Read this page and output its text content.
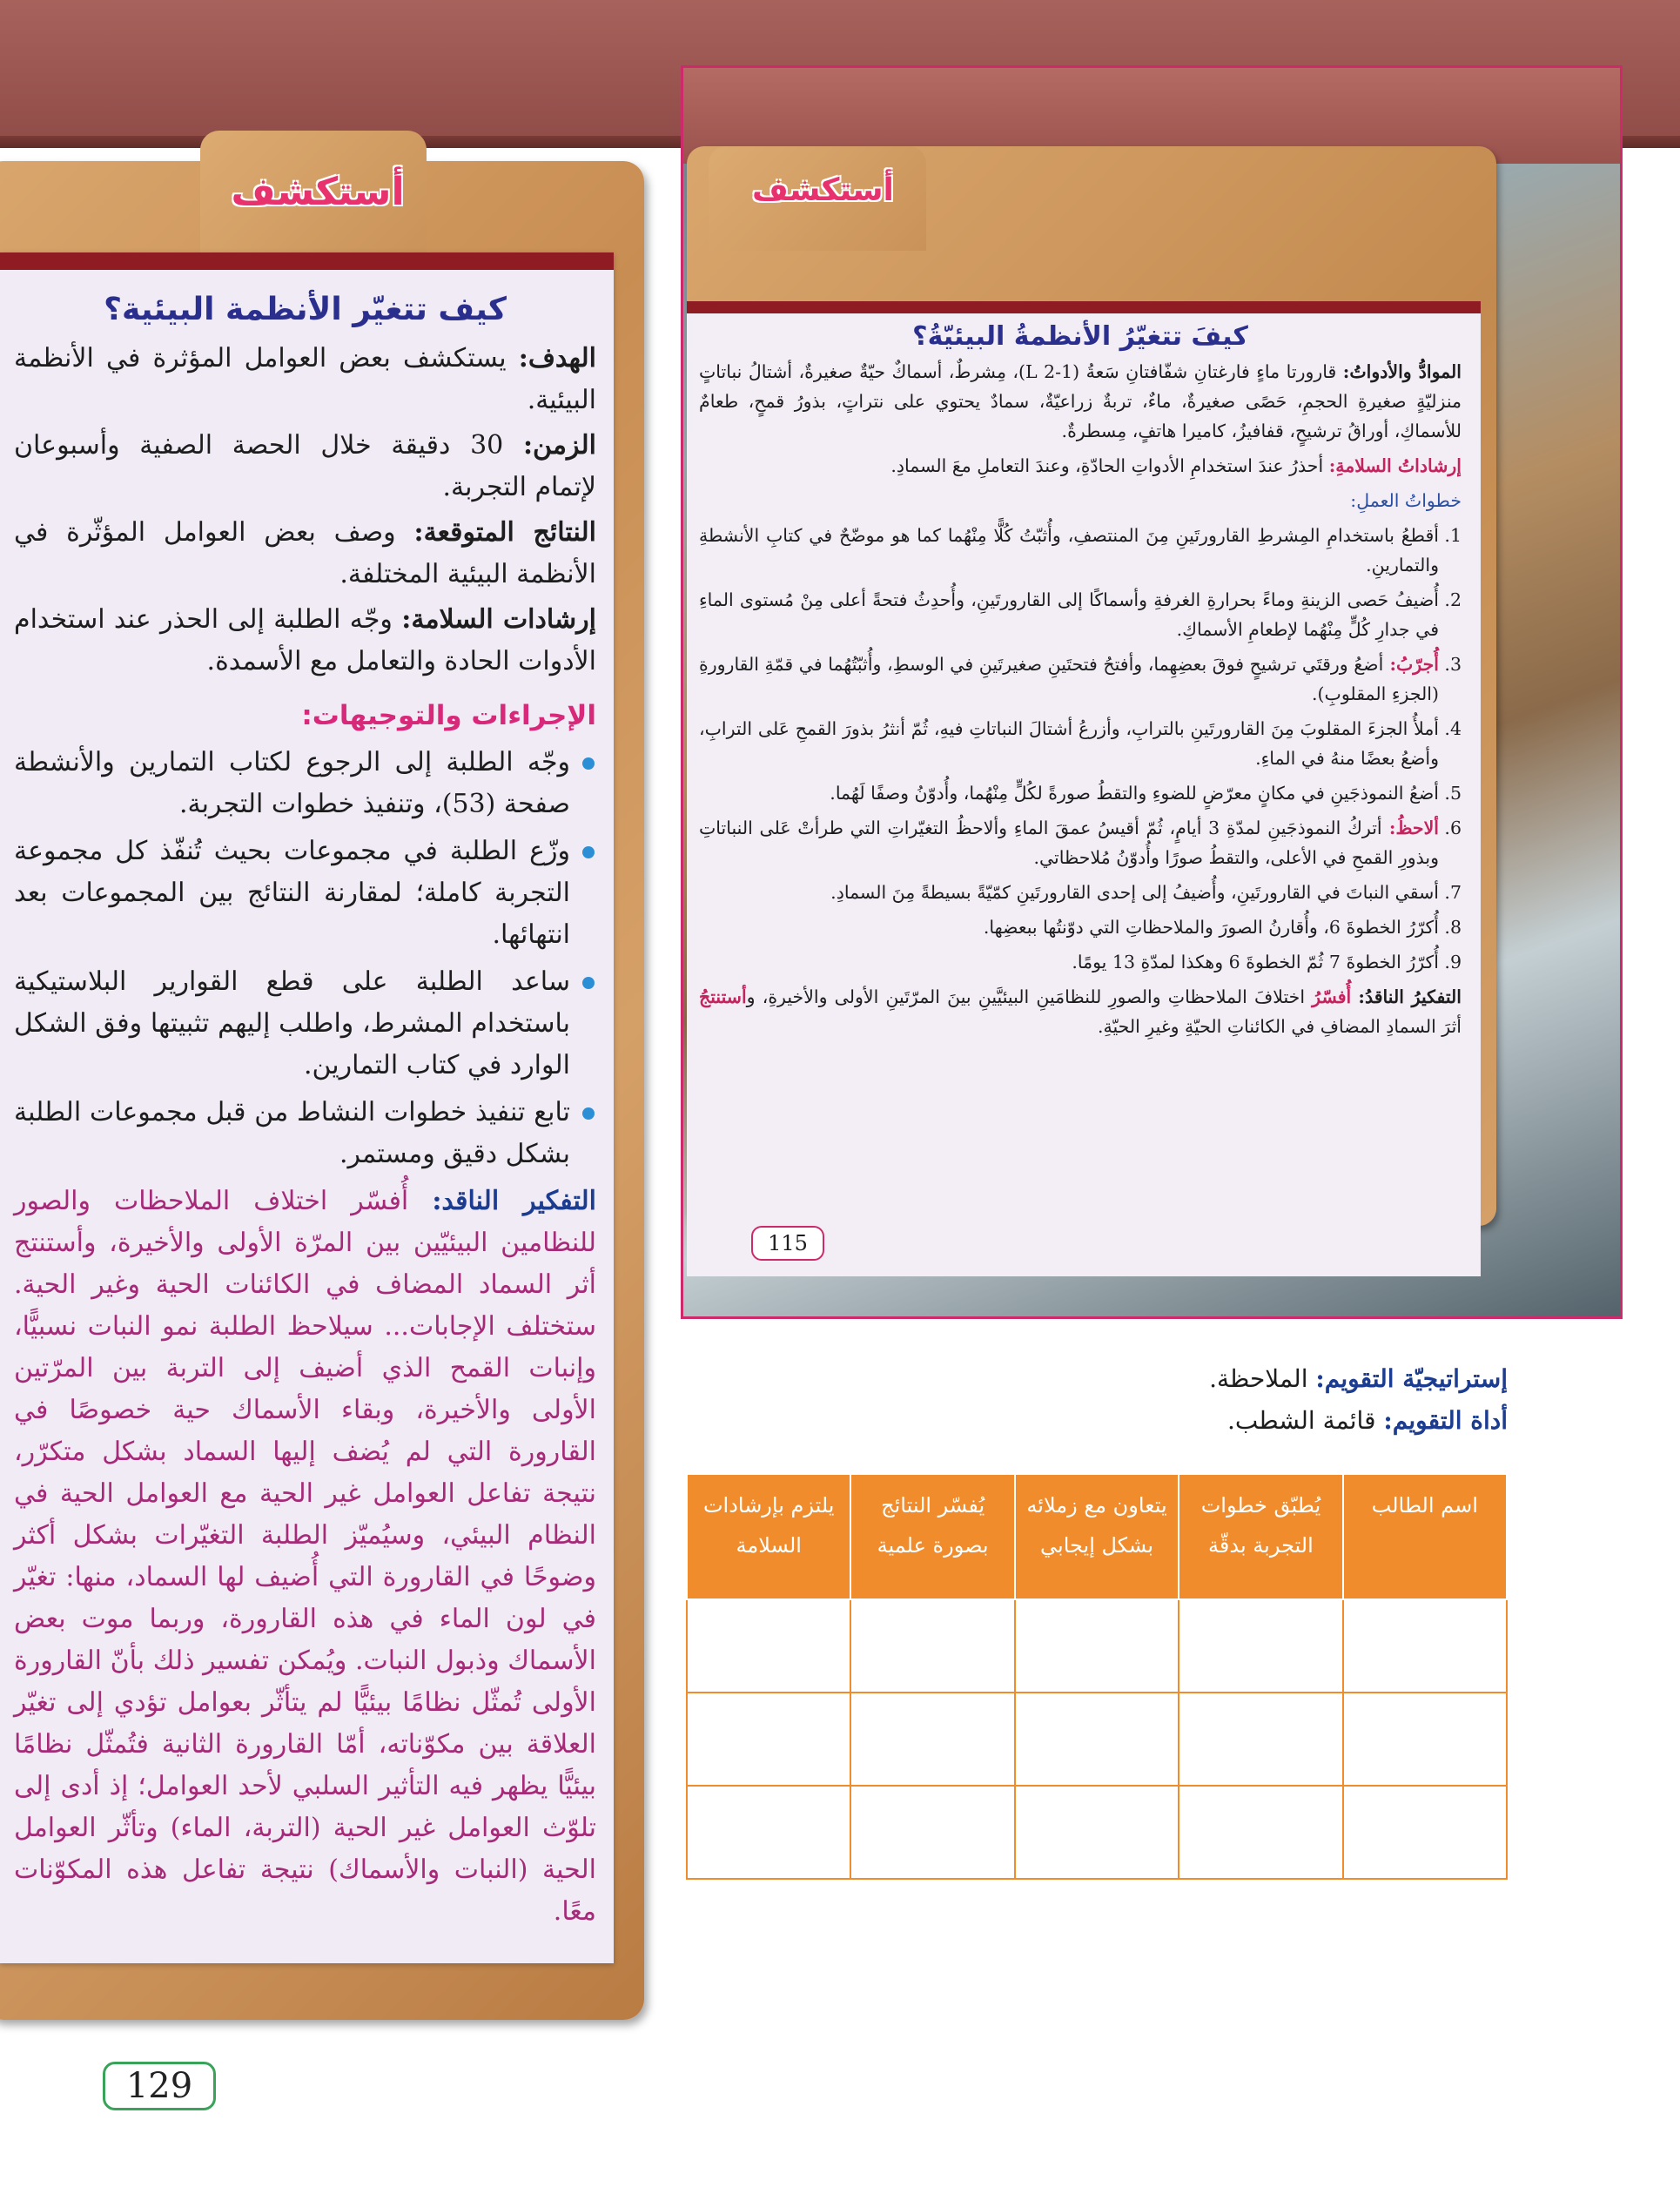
أستكشف
كيف تتغيّر الأنظمة البيئية؟

الهدف: يستكشف بعض العوامل المؤثرة في الأنظمة البيئية.

الزمن: 30 دقيقة خلال الحصة الصفية وأسبوعان لإتمام التجربة.

النتائج المتوقعة: وصف بعض العوامل المؤثّرة في الأنظمة البيئية المختلفة.

إرشادات السلامة: وجّه الطلبة إلى الحذر عند استخدام الأدوات الحادة والتعامل مع الأسمدة.

الإجراءات والتوجيهات:
وجّه الطلبة إلى الرجوع لكتاب التمارين والأنشطة صفحة (53)، وتنفيذ خطوات التجربة.
وزّع الطلبة في مجموعات بحيث تُنفّذ كل مجموعة التجربة كاملة؛ لمقارنة النتائج بين المجموعات بعد انتهائها.
ساعد الطلبة على قطع القوارير البلاستيكية باستخدام المشرط، واطلب إليهم تثبيتها وفق الشكل الوارد في كتاب التمارين.
تابع تنفيذ خطوات النشاط من قبل مجموعات الطلبة بشكل دقيق ومستمر.

التفكير الناقد: أُفسّر اختلاف الملاحظات والصور للنظامين البيئيّين بين المرّة الأولى والأخيرة، وأستنتج أثر السماد المضاف في الكائنات الحية وغير الحية. ستختلف الإجابات... سيلاحظ الطلبة نمو النبات نسبيًّا، وإنبات القمح الذي أضيف إلى التربة بين المرّتين الأولى والأخيرة، وبقاء الأسماك حية خصوصًا في القارورة التي لم يُضف إليها السماد بشكل متكرّر، نتيجة تفاعل العوامل غير الحية مع العوامل الحية في النظام البيئي، وسيُميّز الطلبة التغيّرات بشكل أكثر وضوحًا في القارورة التي أُضيف لها السماد، منها: تغيّر في لون الماء في هذه القارورة، وربما موت بعض الأسماك وذبول النبات. ويُمكن تفسير ذلك بأنّ القارورة الأولى تُمثّل نظامًا بيئيًّا لم يتأثّر بعوامل تؤدي إلى تغيّر العلاقة بين مكوّناته، أمّا القارورة الثانية فتُمثّل نظامًا بيئيًّا يظهر فيه التأثير السلبي لأحد العوامل؛ إذ أدى إلى تلوّث العوامل غير الحية (التربة، الماء) وتأثّر العوامل الحية (النبات والأسماك) نتيجة تفاعل هذه المكوّنات معًا.

129
أستكشف
كيفَ تتغيّرُ الأنظمةُ البيئيّةُ؟

الموادُّ والأدواتُ: قارورتا ماءٍ فارغتانِ شفّافتانِ سَعةُ (L 2-1)، مِشرطٌ، أسماكٌ حيّةٌ صغيرةٌ، أشتالُ نباتاتٍ منزليّةٍ صغيرةِ الحجمِ، حَصًى صغيرةٌ، ماءٌ، تربةٌ زراعيّةٌ، سمادٌ يحتوي على نتراتٍ، بذورُ قمحٍ، طعامٌ للأسماكِ، أوراقُ ترشيحٍ، قفافيزُ، كاميرا هاتفٍ، مِسطرةٌ.

إرشاداتُ السلامةِ: أحذرُ عندَ استخدامِ الأدواتِ الحادّةِ، وعندَ التعاملِ معَ السمادِ.

خطواتُ العملِ:

1.
أقطعُ باستخدامِ المِشرطِ القارورتَينِ مِنَ المنتصفِ، وأُثبّتُ كُلًّا مِنْهُما كما هو موضّحٌ في كتابِ الأنشطةِ والتمارينِ.

2.
أُضيفُ حَصى الزينةِ وماءً بحرارةِ الغرفةِ وأسماكًا إلى القارورتَينِ، وأُحدِثُ فتحةً أعلى مِنْ مُستوى الماءِ في جدارِ كُلٍّ مِنْهُما لإطعامِ الأسماكِ.

3.
أُجرّبُ: أضعُ ورقتَي ترشيحٍ فوقَ بعضِهِما، وأفتحُ فتحتَينِ صغيرتَينِ في الوسطِ، وأُثبّتُهُما في قمّةِ القارورةِ (الجزءِ المقلوبِ).

4.
أملأُ الجزءَ المقلوبَ مِنَ القارورتَينِ بالترابِ، وأزرعُ أشتالَ النباتاتِ فيهِ، ثُمّ أنثرُ بذورَ القمحِ عَلى الترابِ، وأضعُ بعضًا منهُ في الماءِ.

5.
أضعُ النموذجَينِ في مكانٍ معرّضٍ للضوءِ والتقطُ صورةً لكُلٍّ مِنْهُما، وأُدوّنُ وصفًا لَهُما.

6.
ألاحظُ: أتركُ النموذجَينِ لمدّةِ 3 أيامٍ، ثُمّ أقيسُ عمقَ الماءِ وألاحظُ التغيّراتِ التي طرأتْ عَلى النباتاتِ وبذورِ القمحِ في الأعلى، والتقطُ صورًا وأُدوّنُ مُلاحظاتي.

7.
أسقي النباتَ في القارورتَينِ، وأُضيفُ إلى إحدى القارورتَينِ كمّيّةً بسيطةً مِنَ السمادِ.

8.
أُكرّرُ الخطوةَ 6، وأُقارنُ الصورَ والملاحظاتِ التي دوّنتُها ببعضِها.

9.
أُكرّرُ الخطوةَ 7 ثُمّ الخطوةَ 6 وهكذا لمدّةِ 13 يومًا.

التفكيرُ الناقدُ: أُفسّرُ اختلافَ الملاحظاتِ والصورِ للنظامَينِ البيئيَّينِ بينَ المرّتَينِ الأولى والأخيرةِ، وأستنتجُ أثرَ السمادِ المضافِ في الكائناتِ الحيّةِ وغيرِ الحيّةِ.

115
إستراتيجيّة التقويم: الملاحظة.
أداة التقويم: قائمة الشطب.
اسم الطالب	يُطبّق خطوات التجربة بدقّة	يتعاون مع زملائه بشكل إيجابي	يُفسّر النتائج بصورة علمية	يلتزم بإرشادات السلامة
